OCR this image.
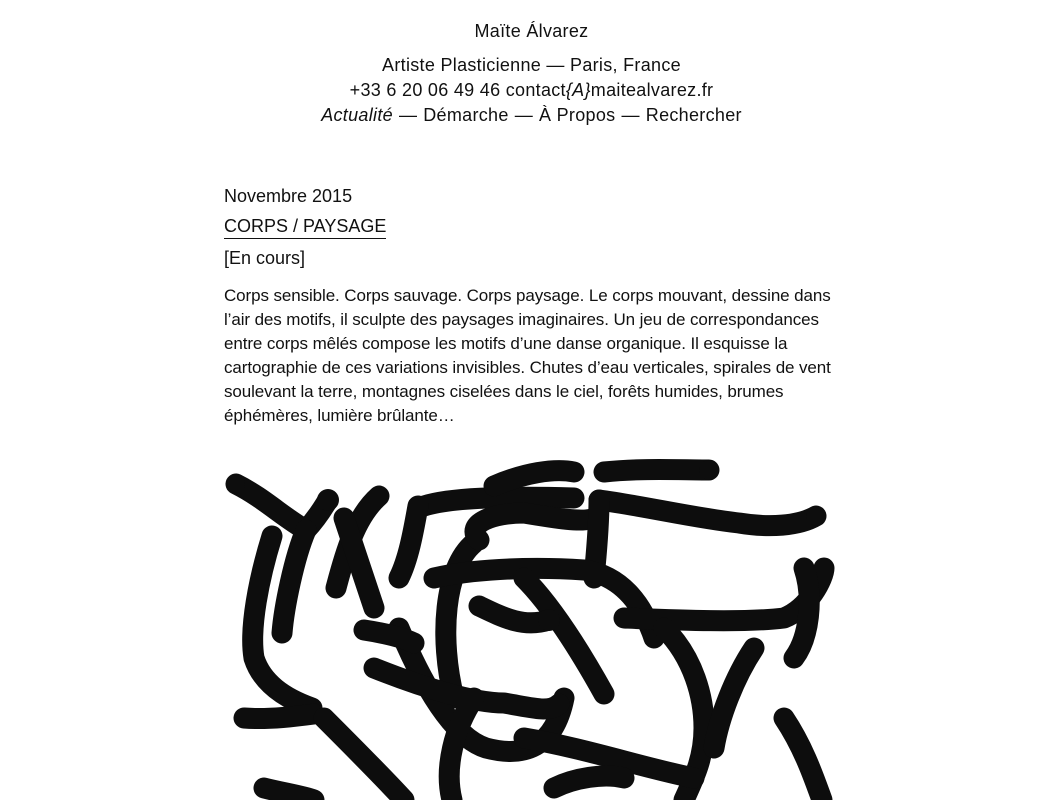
Maïte Álvarez
Artiste Plasticienne — Paris, France
+33 6 20 06 49 46 contact{A}maitealvarez.fr
Actualité — Démarche — À Propos — Rechercher

Novembre 2015

CORPS / PAYSAGE
[En cours]
Corps sensible. Corps sauvage. Corps paysage. Le corps mouvant, dessine dans l’air des motifs, il sculpte des paysages imaginaires. Un jeu de correspondances entre corps mêlés compose les motifs d’une danse organique. Il esquisse la cartographie de ces variations invisibles. Chutes d’eau verticales, spirales de vent soulevant la terre, montagnes ciselées dans le ciel, forêts humides, brumes éphémères, lumière brûlante…
